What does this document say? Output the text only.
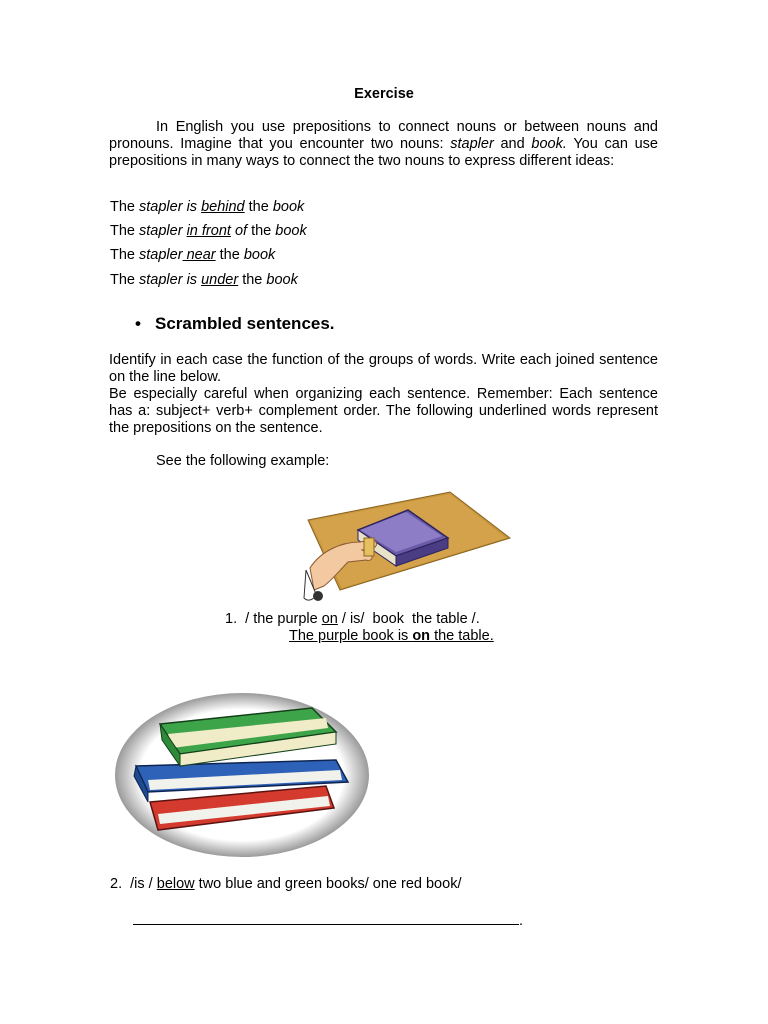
Exercise
In English you use prepositions to connect nouns or between nouns and pronouns. Imagine that you encounter two nouns: stapler and book. You can use prepositions in many ways to connect the two nouns to express different ideas:
The stapler is behind the book
The stapler in front of the book
The stapler near the book
The stapler is under the book
• Scrambled sentences.
Identify in each case the function of the groups of words. Write each joined sentence on the line below.
Be especially careful when organizing each sentence. Remember: Each sentence has a: subject+ verb+ complement order. The following underlined words represent the prepositions on the sentence.
See the following example:
1.  / the purple on / is/  book  the table /.
The purple book is on the table.
2.  /is / below two blue and green books/ one red book/
.
